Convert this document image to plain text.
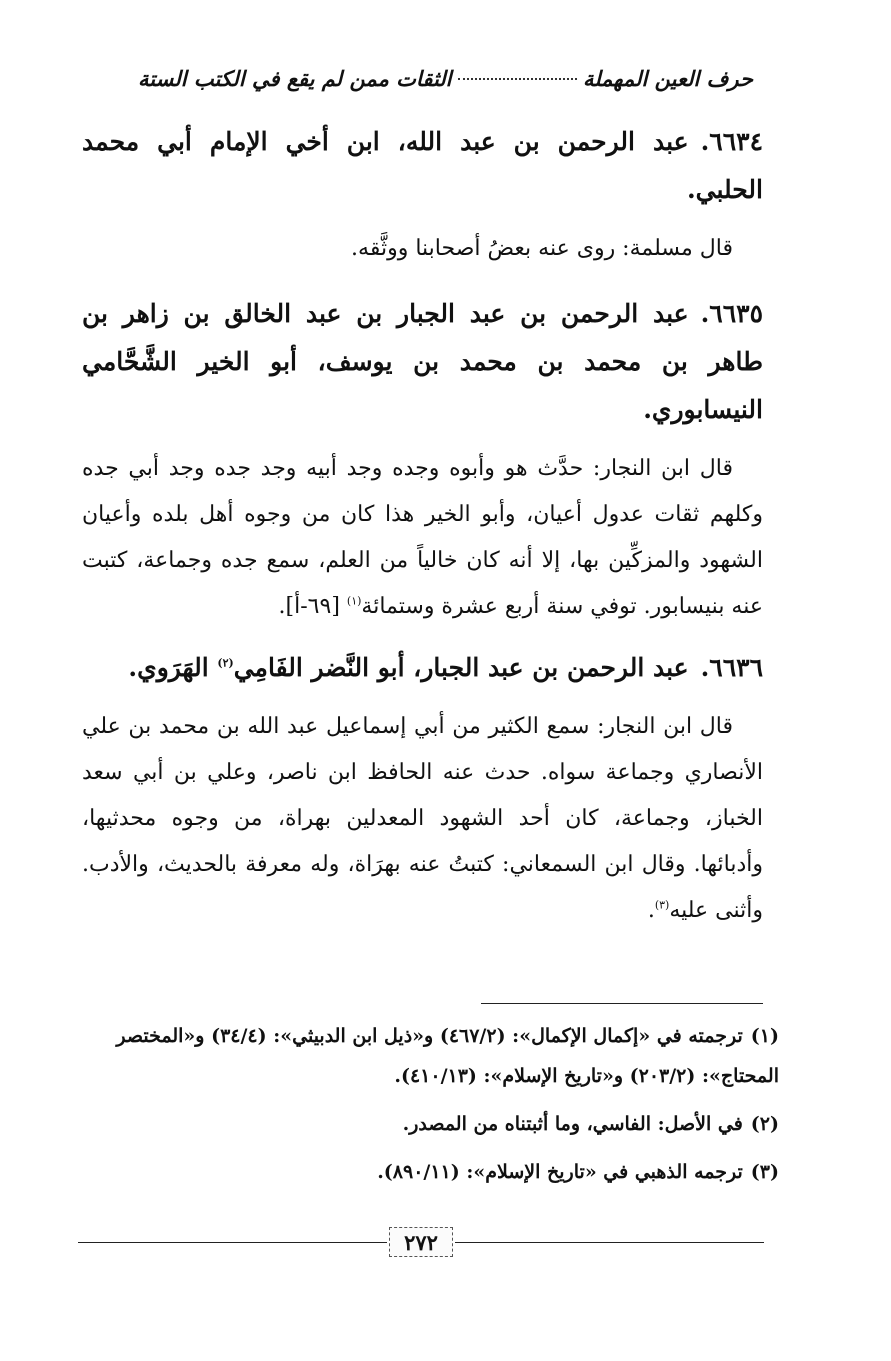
حرف العين المهملة
الثقات ممن لم يقع في الكتب الستة

٦٦٣٤.عبد الرحمن بن عبد الله، ابن أخي الإمام أبي محمد الحلبي.

قال مسلمة: روى عنه بعضُ أصحابنا ووثَّقه.

٦٦٣٥.عبد الرحمن بن عبد الجبار بن عبد الخالق بن زاهر بن طاهر بن محمد بن محمد بن يوسف، أبو الخير الشَّحَّامي النيسابوري.

قال ابن النجار: حدَّث هو وأبوه وجده وجد أبيه وجد جده وجد أبي جده وكلهم ثقات عدول أعيان، وأبو الخير هذا كان من وجوه أهل بلده وأعيان الشهود والمزكِّين بها، إلا أنه كان خالياً من العلم، سمع جده وجماعة، كتبت عنه بنيسابور. توفي سنة أربع عشرة وستمائة$^{(١)}$ [٦٩-أ].

٦٦٣٦.عبد الرحمن بن عبد الجبار، أبو النَّضر الفَامِي$^{(٢)}$ الهَرَوي.

قال ابن النجار: سمع الكثير من أبي إسماعيل عبد الله بن محمد بن علي الأنصاري وجماعة سواه. حدث عنه الحافظ ابن ناصر، وعلي بن أبي سعد الخباز، وجماعة، كان أحد الشهود المعدلين بهراة، من وجوه محدثيها، وأدبائها. وقال ابن السمعاني: كتبتُ عنه بهرَاة، وله معرفة بالحديث، والأدب. وأثنى عليه$^{(٣)}$.

(١)ترجمته في «إكمال الإكمال»: (٤٦٧/٢) و«ذيل ابن الدبيثي»: (٣٤/٤) و«المختصر المحتاج»: (٢٠٣/٢) و«تاريخ الإسلام»: (٤١٠/١٣).

(٢)في الأصل: الفاسي، وما أثبتناه من المصدر.

(٣)ترجمه الذهبي في «تاريخ الإسلام»: (٨٩٠/١١).

٢٧٢
